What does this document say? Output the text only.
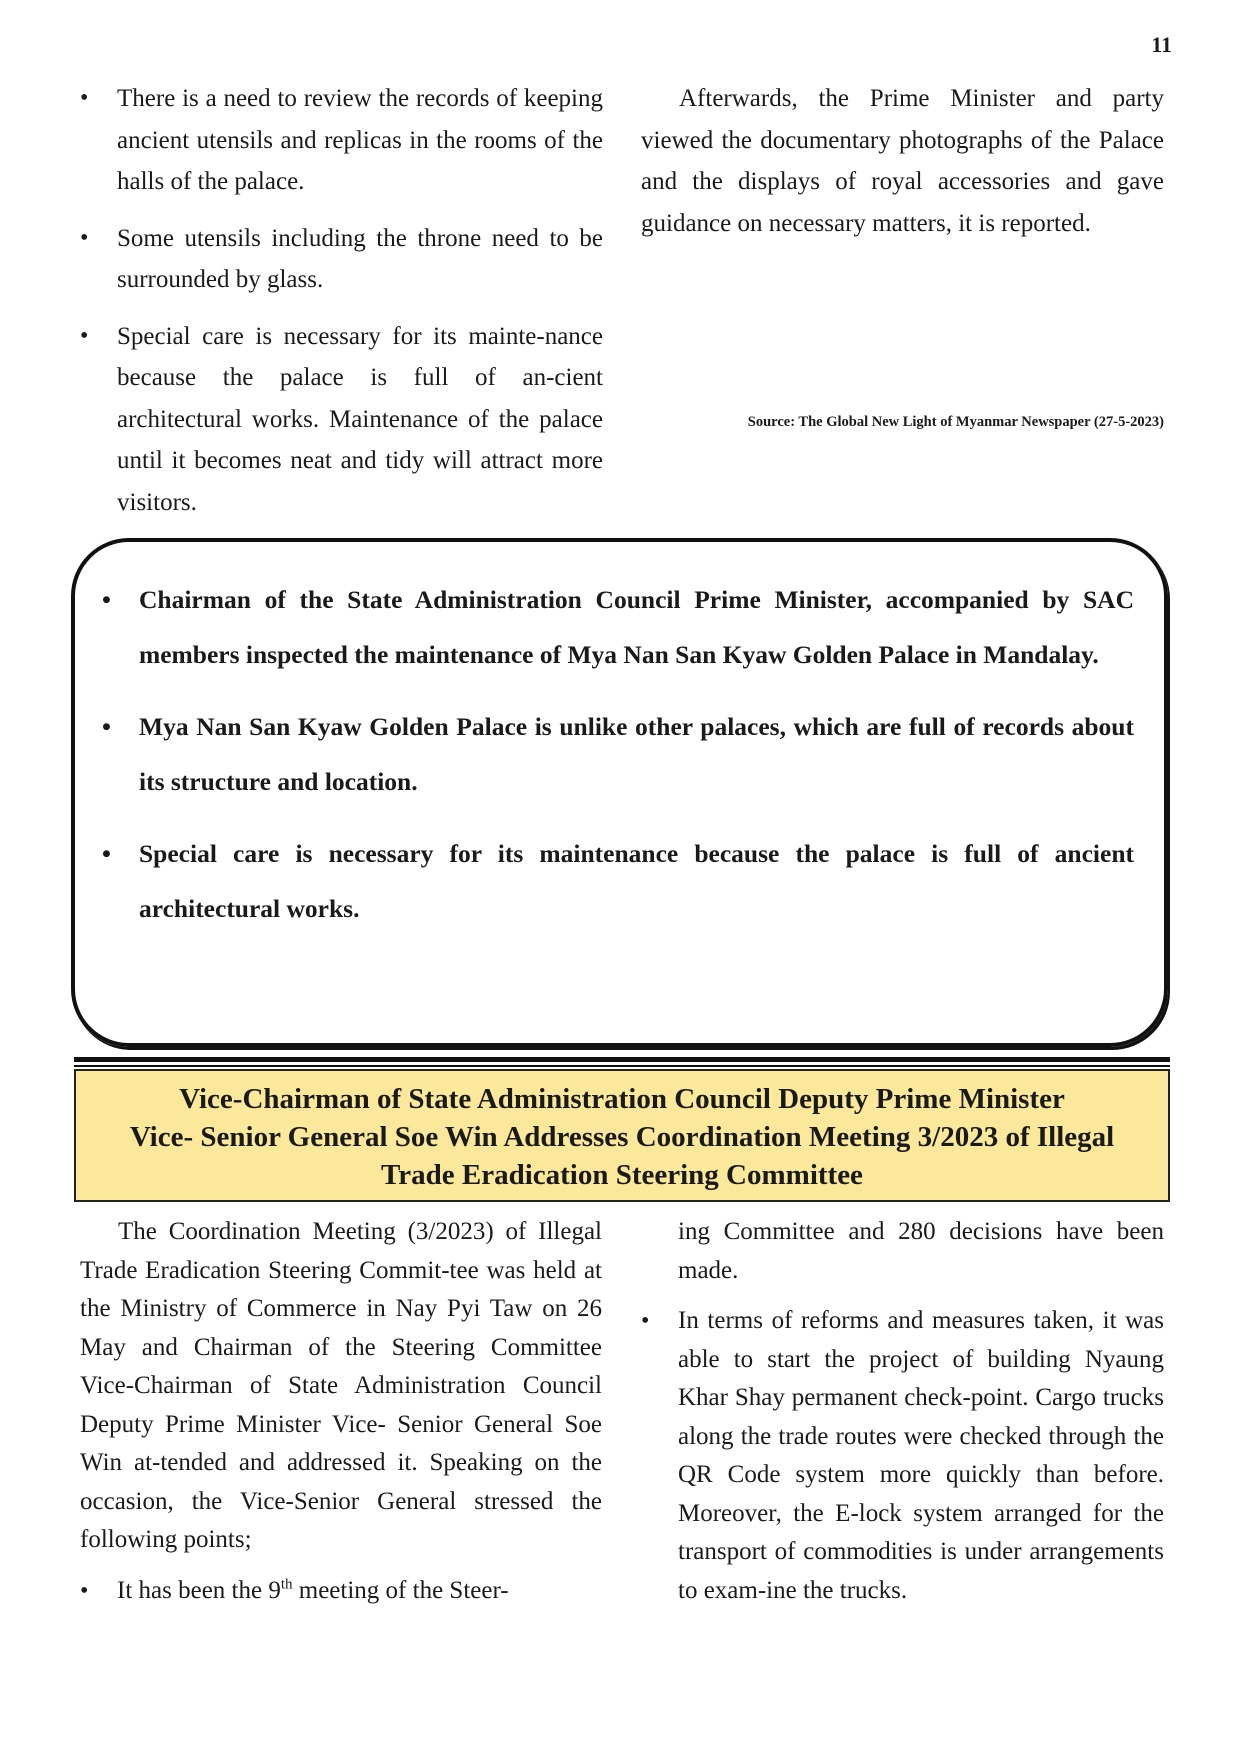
11
• There is a need to review the records of keeping ancient utensils and replicas in the rooms of the halls of the palace.
• Some utensils including the throne need to be surrounded by glass.
• Special care is necessary for its mainte-nance because the palace is full of an-cient architectural works. Maintenance of the palace until it becomes neat and tidy will attract more visitors.

Afterwards, the Prime Minister and party viewed the documentary photographs of the Palace and the displays of royal accessories and gave guidance on necessary matters, it is reported.

Source: The Global New Light of Myanmar Newspaper (27-5-2023)
• Chairman of the State Administration Council Prime Minister, accompanied by SAC members inspected the maintenance of Mya Nan San Kyaw Golden Palace in Mandalay.
• Mya Nan San Kyaw Golden Palace is unlike other palaces, which are full of records about its structure and location.
• Special care is necessary for its maintenance because the palace is full of ancient architectural works.
Vice-Chairman of State Administration Council Deputy Prime Minister
Vice- Senior General Soe Win Addresses Coordination Meeting 3/2023 of Illegal
Trade Eradication Steering Committee

The Coordination Meeting (3/2023) of Illegal Trade Eradication Steering Commit-tee was held at the Ministry of Commerce in Nay Pyi Taw on 26 May and Chairman of the Steering Committee Vice-Chairman of State Administration Council Deputy Prime Minister Vice- Senior General Soe Win at-tended and addressed it. Speaking on the occasion, the Vice-Senior General stressed the following points;

• It has been the 9th meeting of the Steer-

ing Committee and 280 decisions have been made.

• In terms of reforms and measures taken, it was able to start the project of building Nyaung Khar Shay permanent check-point. Cargo trucks along the trade routes were checked through the QR Code system more quickly than before. Moreover, the E-lock system arranged for the transport of commodities is under arrangements to exam-ine the trucks.
